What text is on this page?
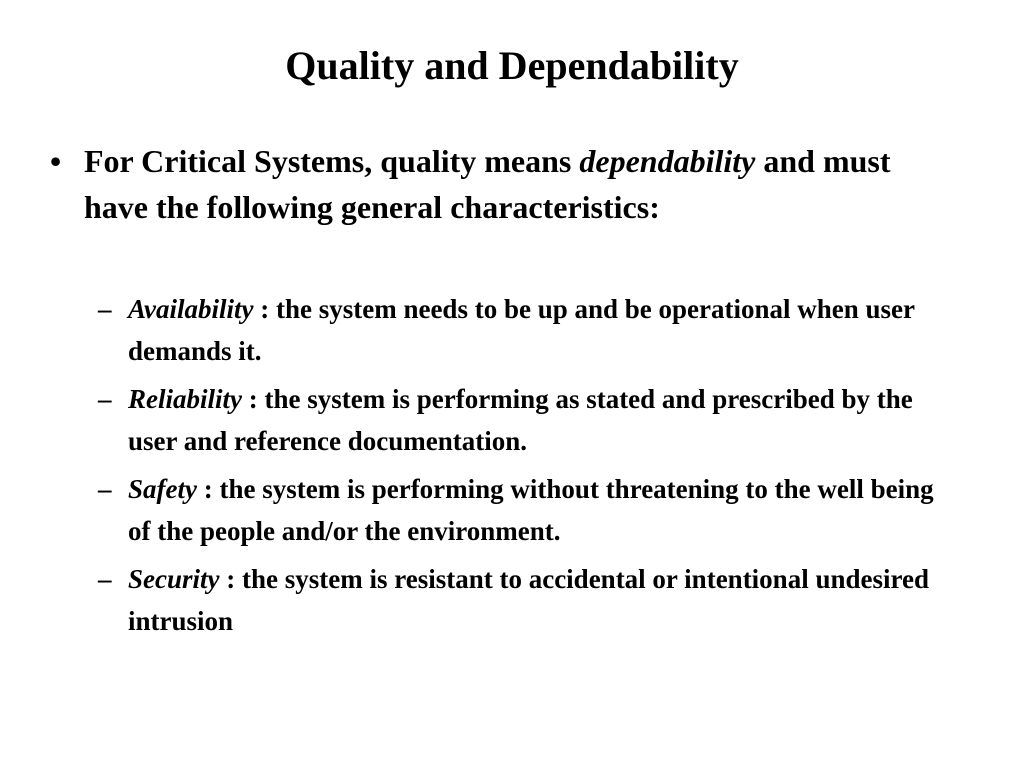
Quality and Dependability
• For Critical Systems, quality means dependability and must have the following general characteristics:
– Availability : the system needs to be up and be operational when user demands it.
– Reliability : the system is performing as stated and prescribed by the user and reference documentation.
– Safety : the system is performing without threatening to the well being of the people and/or the environment.
– Security : the system is resistant to accidental or intentional undesired intrusion
